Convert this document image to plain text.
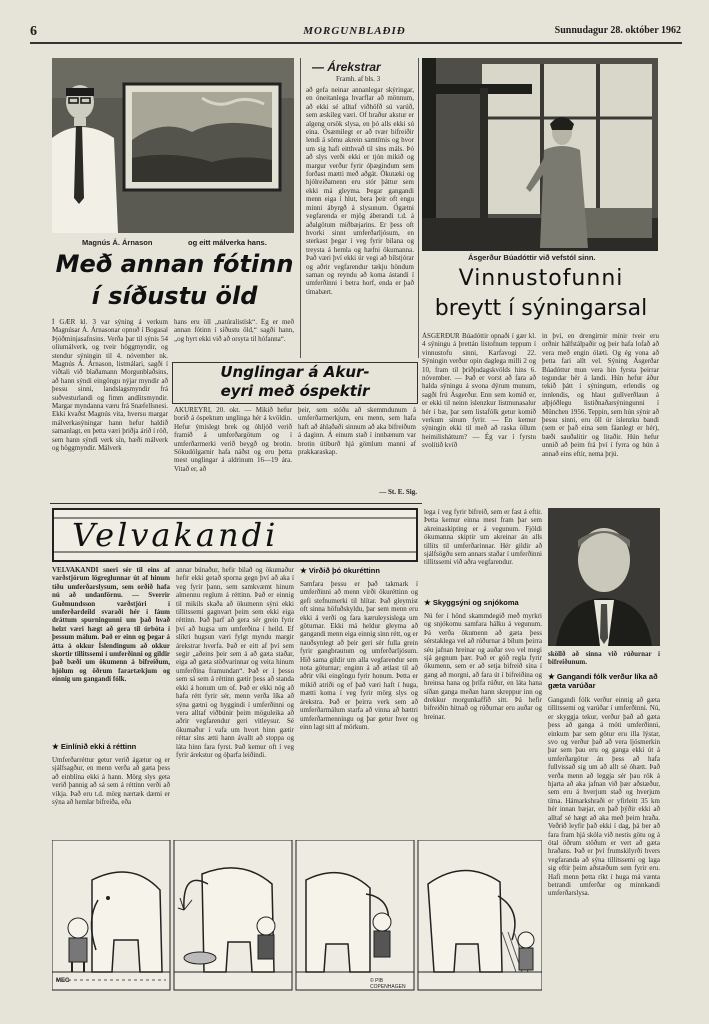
6	MORGUNBLAÐIÐ	Sunnudagur 28. október 1962
Magnús Á. Árnason	og eitt málverka hans.
Með annan fótinn
í síðustu öld
Í GÆR kl. 3 var sýning á verkum Magnúsar Á. Árnasonar opnuð í Bogasal Þjóðminjasafnsins. Verða þar til sýnis 54 olíumálverk, og tveir höggmyndir, og stendur sýningin til 4. nóvember nk. Magnús Á. Árnason, listmálari, sagði í viðtali við blaðamann Morgunblaðsins, að hann sýndi eingöngu nýjar myndir að þessu sinni, landslagsmyndir frá suðvesturlandi og fimm andlitsmyndir. Margar myndanna væru frá Snæfellsnesi. Ekki kvaðst Magnús vita, hversu margar málverkasýningar hann hefur haldið samanlagt, en þetta væri þriðja árið í röð, sem hann sýndi verk sín, bæði málverk og höggmyndir. Málverk
hans eru öll „natúralistísk“. Ég er með annan fótinn í síðustu öld,“ sagði hann, „og hyrt ekki við að orsyta til hófanna“.
— Árekstrar
Framh. af bls. 3
að gefa neinar annanlegar skýringar, en óneitanlega hvarflar að mönnum, að ekki sé alltaf viðhöfð sú varúð, sem æskileg væri. Of hraður akstur er algeng orsök slysa, en þó alls ekki sú eina. Ósæmilegt er að tvær bifreiðir lendi á sömu akrein samtímis og hvor um sig hafi eitthvað til síns máls. Þó að slys verði ekki er tjón mikið og margur verður fyrir óþægindum sem forðast mætti með aðgát. Ökutæki og hjólreiðamenn eru stór þáttur sem ekki má gleyma. Þegar gangandi menn eiga í hlut, bera þeir oft engu minni ábyrgð á slysunum. Ógætni vegfarenda er mjög áberandi t.d. á aðalgötum miðbæjarins. Er þess oft hvorki sinnt umferðarljósum, en sterkast þegar í veg fyrir bílana og treysta á hemla og hæfni ökumanna. Það væri því ekki úr vegi að bílstjórar og aðrir vegfarendur tækju höndum saman og reyndu að koma ástandi í umferðinni í betra horf, enda er það tímabært.
Ásgerður Búadóttir við vefstól sinn.
Vinnustofunni
breytt í sýningarsal
ÁSGERÐUR Búadóttir opnaði í gær kl. 4 sýningu á þrettán listofnum teppum í vinnustofu sinni, Karfavogi 22. Sýningin verður opin daglega milli 2 og 10, fram til þriðjudagskvölds hins 6. nóvember. — Það er vorst að fara að halda sýningu á svona dýrum munum, sagði frú Ásgerður. Enn sem komið er, er ekki til neinn íslenzkur listmunasalur hér í bæ, þar sem listafólk getur komið verkum sínum fyrir. — En kemur sýningin ekki til með að raska öllum heimilisháttum? — Ég var í fyrstu svolítið kvíð
in því, en drengirnir mínir tveir eru orðnir hálfstálpaðir og þeir hafa lofað að vera með engin ólæti. Og ég vona að þetta fari allt vel. Sýning Ásgerðar Búadóttur mun vera hin fyrsta þeirrar tegundar hér á landi. Hún hefur áður tekið þátt í sýningum, erlendis og innlendis, og hlaut gullverðlaun á alþjóðlegu listiðnaðarsýningunni í München 1956. Teppin, sem hún sýnir að þessu sinni, eru öll úr íslenzku bandi (sem er það eina sem fáanlegt er hér), bæði sauðalitir og litaðir. Hún hefur unnið að þeim frá því í fyrra og hún á annað eins eftir, nema þrjú.
Unglingar á Akur-
eyri með óspektir
AKUREYRI, 20. okt. — Mikið hefur borið á óspektum unglinga hér á kvöldin. Hefur ýmislegt brek og óhljóð verið framið á umferðargötum og í umferðarmerki verið beygð og brotin. Sökudólgarnir hafa náðst og eru þetta mest unglingar á aldrinum 16—19 ára. Vitað er, að
þeir, sem stóðu að skemmdunum á umferðarmerkjum, eru menn, sem hafa haft að áhlaðaði sinnum að aka bifreiðum á daginn. Á einum stað í innbænum var brotin útiburð hjá gömlum manni af prakkaraskap.
— St. E. Sig.
Velvakandi
VELVAKANDI sneri sér til eins af varðstjórum lögreglunnar út af hinum tíðu umferðarslysum, sem orðið hafa nú að undanförnu. — Sverrir Guðmundsson varðstjóri í umferðardeild svaraði hér í fáum dráttum spurningunni um það hvað helzt væri hægt að gera til úrbóta í þessum málum. Það er einn og þegar á átta á okkur Íslendingum að okkur skortir tillitssemi í umferðinni og gildir það bæði um ökumenn á bifreiðum, hjólum og öðrum farartækjum og einnig um gangandi fólk.
★ Einlínið ekki á réttinn
Umferðarréttur getur verið ágætur og er sjálfsagður, en menn verða að gæta þess að einblína ekki á hann. Mörg slys geta verið þannig að sá sem á réttinn verði að víkja. Það eru t.d. mörg nærtæk dæmi er sýna að hemlar bifreiða, eða
annar búnaður, hefir bilað og ökumaður hefir ekki getað sporna gegn því að aka í veg fyrir þann, sem samkvæmt hinum almennu reglum á réttinn. Það er einnig til mikils skaða að ökumenn sýni ekki tillitssemi gagnvart þeim sem ekki eiga réttinn. Það þarf að gera sér grein fyrir því að hugsa um umferðina í heild. Ef slíkri hugsun væri fylgt myndu margir árekstrar hverfa. Það er eitt af því sem segir „aðeins þeir sem á að gæta staðar, eiga að gæta stöðvarinnar og veita hinum umferðina framundan“. Það er í þessu sem sá sem á réttinn gætir þess að standa ekki á honum um of. Það er ekki nóg að hafa rétt fyrir sér, menn verða líka að sýna gætni og hyggindi í umferðinni og vera alltaf viðbúnir þeim möguleika að aðrir vegfarendur geri vitleysur. Sé ökumaður í vafa um hvort hinn gætir réttar síns ætti hann ávallt að stoppa og láta hinn fara fyrst. Það kemur oft í veg fyrir árekstur og óþarfa leiðindi.
★ Virðið þó ökuréttinn
Samfara þessu er það takmark í umferðinni að menn virði ökuréttinn og gefi stefnumerki til hlítar. Það gleymist oft sinna höfuðskyldu, þar sem menn eru ekki á verði og fara kæruleysislega um göturnar. Ekki má heldur gleyma að gangandi menn eiga einnig sinn rétt, og er nauðsynlegt að þeir geri sér fulla grein fyrir gangbrautum og umferðarljósum. Hið sama gildir um alla vegfarendur sem nota göturnar; enginn á að ætlast til að aðrir víki eingöngu fyrir honum. Þetta er mikið atriði og ef það væri haft í huga, mætti koma í veg fyrir mörg slys og árekstra. Það er þeirra verk sem að umferðarmálum starfa að vinna að bættri umferðarmenningu og þar getur hver og einn lagt sitt af mörkum.
lega í veg fyrir bifreið, sem er fast á eftir. Þetta kemur einna mest fram þar sem akreinaskipting er á vegunum. Fjöldi ökumanna skiptir um akreinar án alls tillits til umferðarinnar. Hér gildir að sjálfsögðu sem annars staðar í umferðinni tillitssemi við aðra vegfarendur.
★ Skyggsýni og snjókoma
Nú fer í hönd skammdegið með myrkri og snjókomu samfara hálku á vegunum. Þá verða ökumenn að gæta þess sérstaklega vel að rúðurnar á bílum þeirra séu jafnan hreinar og auðar svo vel megi sjá gegnum þær. Það er góð regla fyrir ökumenn, sem er að setja bifreið sína í gang að morgni, að fara út í bifreiðina og hreinsa hana og þrífa rúður, en láta hana síðan ganga meðan hann skreppur inn og drekkur morgunkaffið sitt. Þá hefir bifreiðin hitnað og rúðurnar eru auðar og hreinar.
sköllð að sinna við rúðurnar í bifreiðunum.
★ Gangandi fólk verður líka að gæta varúðar
Gangandi fólk verður einnig að gæta tillitssemi og varúðar í umferðinni. Nú, er skyggja tekur, verður það að gæta þess að ganga á móti umferðinni, einkum þar sem götur eru illa lýstar, svo og verður það að vera ljósmerkin þar sem þau eru og ganga ekki út á umferðargötur án þess að hafa fullvissað sig um að allt sé óhætt. Það verða menn að leggja sér þau rök á hjarta að aka jafnan við þær aðstæður, sem eru á hverjum stað og hverjum tíma. Hámarkshraði er yfirleitt 35 km hér innan bæjar, en það þýðir ekki að alltaf sé hægt að aka með þeim hraða. Veðrið leyfir það ekki í dag, þá ber að fara fram hjá skóla við nestis götu og á ótal öðrum stöðum er vert að gæta hraðans. Það er því frumskilyrði hvers vegfaranda að sýna tillitssemi og laga sig eftir þeim aðstæðum sem fyrir eru. Hafi menn þetta ríkt í huga má vænta betrandi umferðar og minnkandi umferðarslysa.
MEG	© PIB COPENHAGEN
